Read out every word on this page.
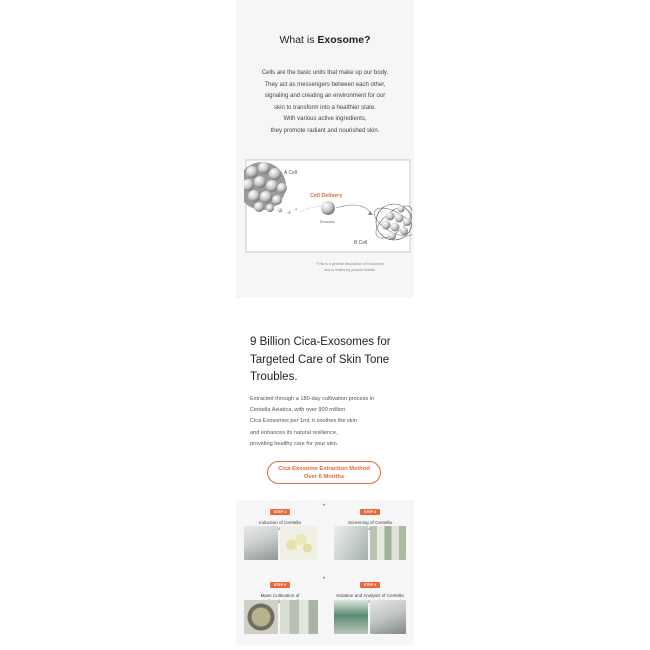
What is Exosome?
Cells are the basic units that make up our body.
They act as messengers between each other,
signaling and creating an environment for our
skin to transform into a healthier state.
With various active ingredients,
they promote radiant and nourished skin.
A Cell
Cell Delivery
Exosome
B Cell
*This is a general description of Exosomes
and is limited by product details.
9 Billion Cica-Exosomes for
Targeted Care of Skin Tone
Troubles.
Extracted through a 180-day cultivation process in
Centella Asiatica, with over 900 million
Cica Exosomes per 1ml, it soothes the skin
and enhances its natural resilience,
providing healthy care for your skin.
Cica Exosome Extraction Method
Over 6 Months
STEP 1
Induction of Centella
▸
STEP 2
Screening of Centella
STEP 3
Mass Cultivation of
▸
STEP 4
Isolation and Analysis of Centella
